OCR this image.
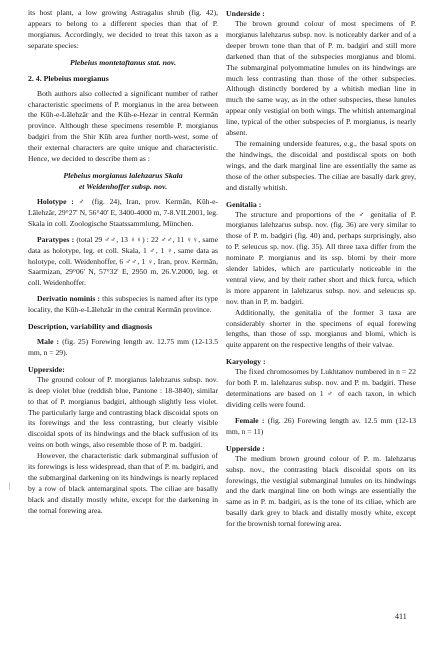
its host plant, a low growing Astragalus shrub (fig. 42), appears to belong to a different species than that of P. morgianus. Accordingly, we decided to treat this taxon as a separate species:

Plebeius montetaftanus stat. nov.
2. 4. Plebeius morgianus

Both authors also collected a significant number of rather characteristic specimens of P. morgianus in the area between the Kūh-e-Lālehzār and the Kūh-e-Hezar in central Kermān province. Although these specimens resemble P. morgianus badgiri from the Shir Kūh area further north-west, some of their external characters are quite unique and characteristic. Hence, we decided to describe them as :

Plebeius morgianus lalehzarus Skala
et Weidenhoffer subsp. nov.

Holotype : ♂ (fig. 24), Iran, prov. Kermān, Kūh-e-Lālehzār, 29°27' N, 56°40' E, 3400-4000 m, 7-8.VII.2001, leg. Skala in coll. Zoologische Staatssammlung, München.

Paratypes : (total 29 ♂♂, 13 ♀♀) : 22 ♂♂, 11 ♀♀, same data as holotype, leg. et coll. Skala, 1 ♂, 1 ♀, same data as holotype, coll. Weidenhoffer, 6 ♂♂, 1 ♀, Iran, prov. Kermān, Saarmizan, 29°06' N, 57°32' E, 2950 m, 26.V.2000, leg. et coll. Weidenhoffer.

Derivatio nominis : this subspecies is named after its type locality, the Kūh-e-Lālehzār in the central Kermān province.

Description, variability and diagnosis

Male : (fig. 25) Forewing length av. 12.75 mm (12-13.5 mm, n = 29).

Upperside:

The ground colour of P. morgianus lalehzarus subsp. nov. is deep violet blue (reddish blue, Pantone : 18-3840), similar to that of P. morgianus badgiri, although slightly less violet. The particularly large and contrasting black discoidal spots on its forewings and the less contrasting, but clearly visible discoidal spots of its hindwings and the black suffusion of its veins on both wings, also resemble those of P. m. badgiri.

However, the characteristic dark submarginal suffusion of its forewings is less widespread, than that of P. m. badgiri, and the submarginal darkening on its hindwings is nearly replaced by a row of black antemarginal spots. The ciliae are basally black and distally mostly white, except for the darkening in the tornal forewing area.

Underside :

The brown ground colour of most specimens of P. morgianus lalehzarus subsp. nov. is noticeably darker and of a deeper brown tone than that of P. m. badgiri and still more darkened than that of the subspecies morgianus and blomi. The submarginal polyommatine lunules on its hindwings are much less contrasting than those of the other subspecies. Although distinctly bordered by a whitish median line in much the same way, as in the other subspecies, these lunules appear only vestigial on both wings. The whitish antemarginal line, typical of the other subspecies of P. morgianus, is nearly absent.

The remaining underside features, e.g., the basal spots on the hindwings, the discoidal and postdiscal spots on both wings, and the dark marginal line are essentially the same as those of the other subspecies. The ciliae are basally dark grey, and distally whitish.

Genitalia :

The structure and proportions of the ♂ genitalia of P. morgianus lalehzarus subsp. nov. (fig. 36) are very similar to those of P. m. badgiri (fig. 40) and, perhaps surprisingly, also to P. seleucus sp. nov. (fig. 35). All three taxa differ from the nominate P. morgianus and its ssp. blomi by their more slender labides, which are particularly noticeable in the ventral view, and by their rather short and thick furca, which is more apparent in lalehzarus subsp. nov. and seleucus sp. nov. than in P. m. badgiri.

Additionally, the genitalia of the former 3 taxa are considerably shorter in the specimens of equal forewing lengths, than those of ssp. morgianus and blomi, which is quite apparent on the respective lengths of their valvae.

Karyology :

The fixed chromosomes by Lukhtanov numbered in n = 22 for both P. m. lalehzarus subsp. nov. and P. m. badgiri. These determinations are based on 1 ♂ of each taxon, in which dividing cells were found.

Female : (fig. 26) Forewing length av. 12.5 mm (12-13 mm, n = 11)

Upperside :

The medium brown ground colour of P. m. lalehzarus subsp. nov., the contrasting black discoidal spots on its forewings, the vestigial submarginal lunules on its hindwings and the dark marginal line on both wings are essentially the same as in P. m. badgiri, as is the tone of its ciliae, which are basally dark grey to black and distally mostly white, except for the brownish tornal forewing area.

411
